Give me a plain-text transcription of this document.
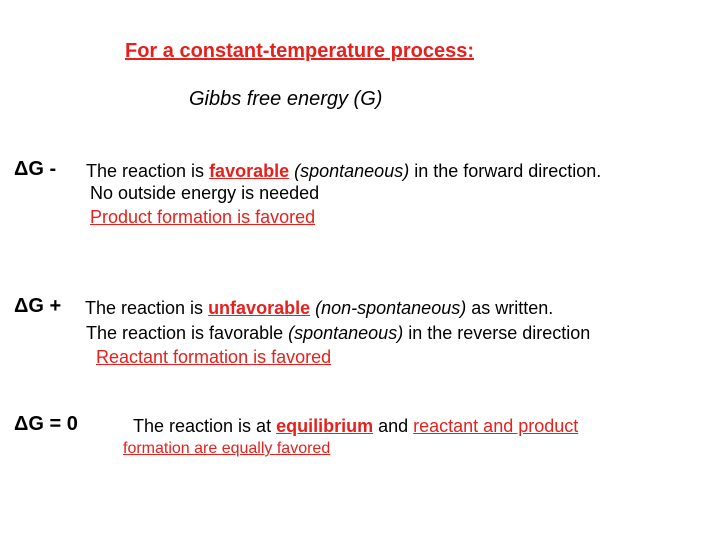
For a constant-temperature process:
Gibbs free energy (G)
ΔG - The reaction is favorable (spontaneous) in the forward direction.
No outside energy is needed
Product formation is favored
ΔG + The reaction is unfavorable (non-spontaneous) as written.
The reaction is favorable (spontaneous) in the reverse direction
Reactant formation is favored
ΔG = 0	The reaction is at equilibrium and reactant and product
formation are equally favored
